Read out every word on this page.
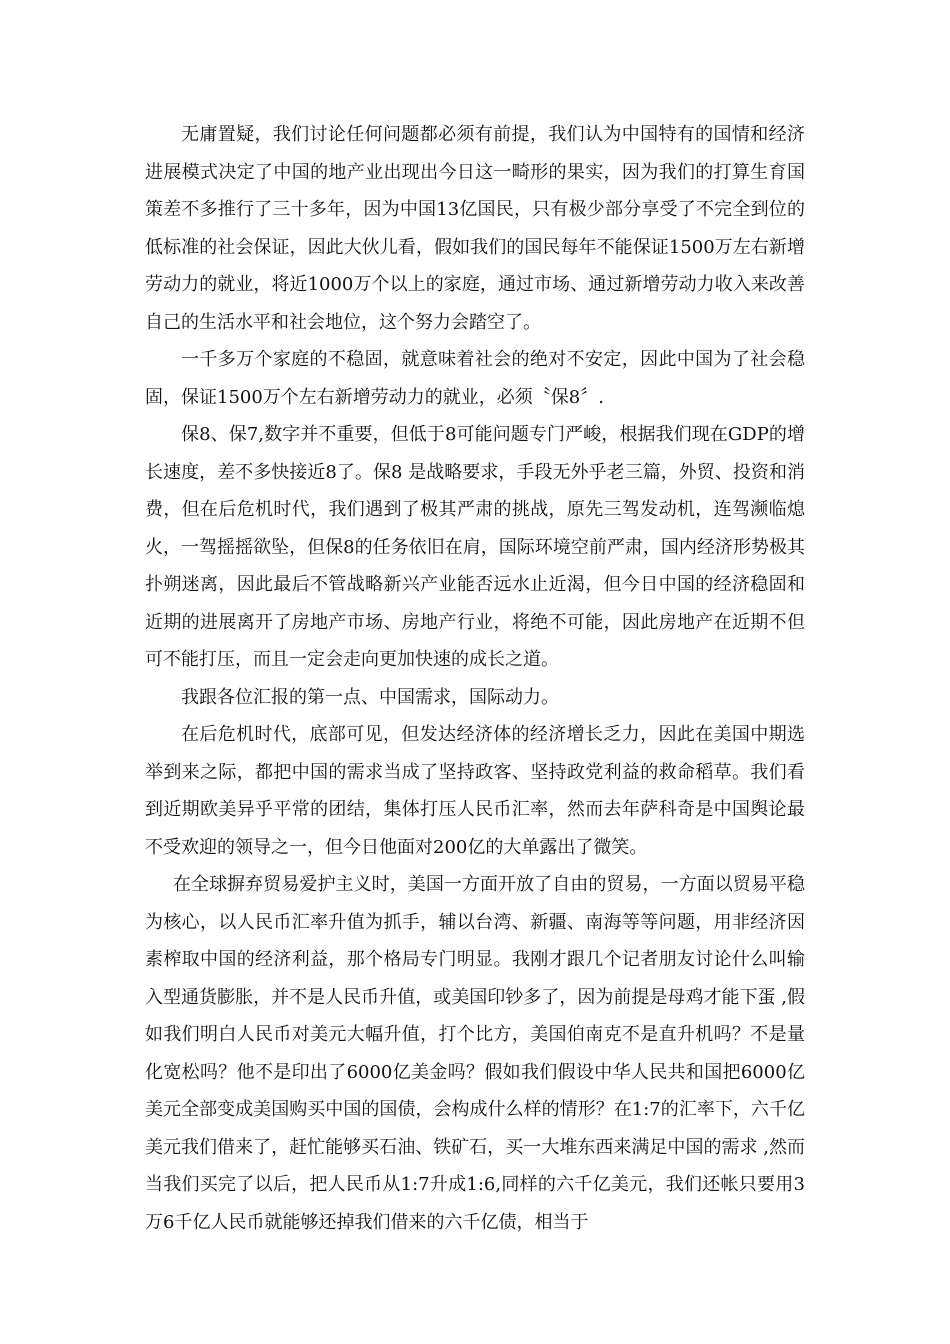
无庸置疑，我们讨论任何问题都必须有前提，我们认为中国特有的国情和经济进展模式决定了中国的地产业出现出今日这一畸形的果实，因为我们的打算生育国策差不多推行了三十多年，因为中国13亿国民，只有极少部分享受了不完全到位的低标准的社会保证，因此大伙儿看，假如我们的国民每年不能保证1500万左右新增劳动力的就业，将近1000万个以上的家庭，通过市场、通过新增劳动力收入来改善自己的生活水平和社会地位，这个努力会踏空了。

一千多万个家庭的不稳固，就意味着社会的绝对不安定，因此中国为了社会稳固，保证1500万个左右新增劳动力的就业，必须〝保8〞.

保8、保7,数字并不重要，但低于8可能问题专门严峻，根据我们现在GDP的增长速度，差不多快接近8了。保8 是战略要求，手段无外乎老三篇，外贸、投资和消费，但在后危机时代，我们遇到了极其严肃的挑战，原先三驾发动机，连驾濒临熄火，一驾摇摇欲坠，但保8的任务依旧在肩，国际环境空前严肃，国内经济形势极其扑朔迷离，因此最后不管战略新兴产业能否远水止近渴，但今日中国的经济稳固和近期的进展离开了房地产市场、房地产行业，将绝不可能，因此房地产在近期不但可不能打压，而且一定会走向更加快速的成长之道。

我跟各位汇报的第一点、中国需求，国际动力。

在后危机时代，底部可见，但发达经济体的经济增长乏力，因此在美国中期选举到来之际，都把中国的需求当成了坚持政客、坚持政党利益的救命稻草。我们看到近期欧美异乎平常的团结，集体打压人民币汇率，然而去年萨科奇是中国舆论最不受欢迎的领导之一，但今日他面对200亿的大单露出了微笑。

在全球摒弃贸易爱护主义时，美国一方面开放了自由的贸易，一方面以贸易平稳为核心，以人民币汇率升值为抓手，辅以台湾、新疆、南海等等问题，用非经济因素榨取中国的经济利益，那个格局专门明显。我刚才跟几个记者朋友讨论什么叫输入型通货膨胀，并不是人民币升值，或美国印钞多了，因为前提是母鸡才能下蛋 ,假如我们明白人民币对美元大幅升值，打个比方，美国伯南克不是直升机吗？不是量化宽松吗？他不是印出了6000亿美金吗？假如我们假设中华人民共和国把6000亿美元全部变成美国购买中国的国债，会构成什么样的情形？在1:7的汇率下，六千亿美元我们借来了，赶忙能够买石油、铁矿石，买一大堆东西来满足中国的需求 ,然而当我们买完了以后，把人民币从1:7升成1:6,同样的六千亿美元，我们还帐只要用3万6千亿人民币就能够还掉我们借来的六千亿债，相当于
